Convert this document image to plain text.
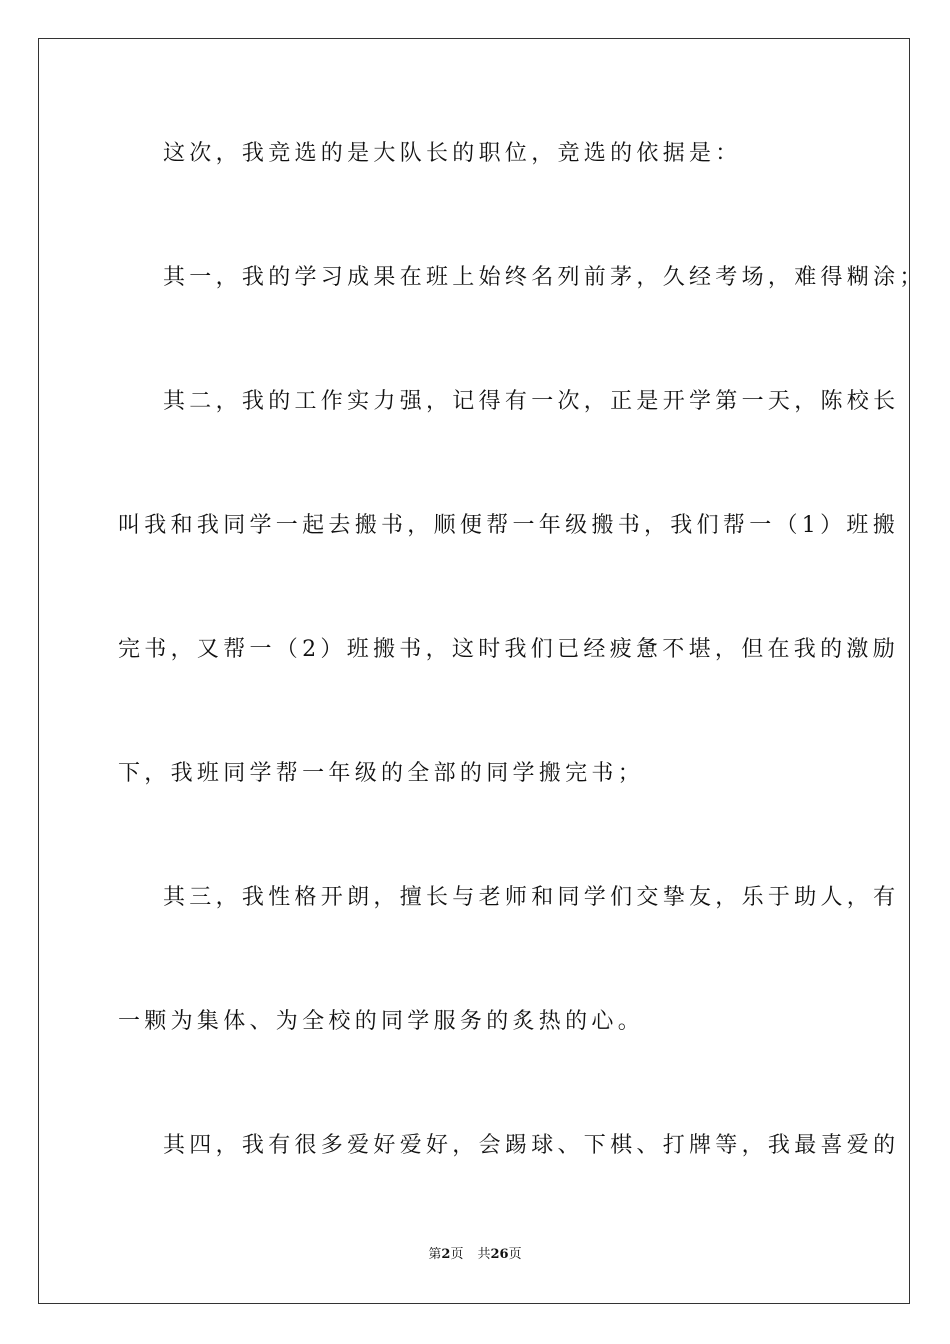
这次，我竞选的是大队长的职位，竞选的依据是：

其一，我的学习成果在班上始终名列前茅，久经考场，难得糊涂；

其二，我的工作实力强，记得有一次，正是开学第一天，陈校长

叫我和我同学一起去搬书，顺便帮一年级搬书，我们帮一（1）班搬

完书，又帮一（2）班搬书，这时我们已经疲惫不堪，但在我的激励

下，我班同学帮一年级的全部的同学搬完书；

其三，我性格开朗，擅长与老师和同学们交挚友，乐于助人，有

一颗为集体、为全校的同学服务的炙热的心。

其四，我有很多爱好爱好，会踢球、下棋、打牌等，我最喜爱的

第2页 共26页
